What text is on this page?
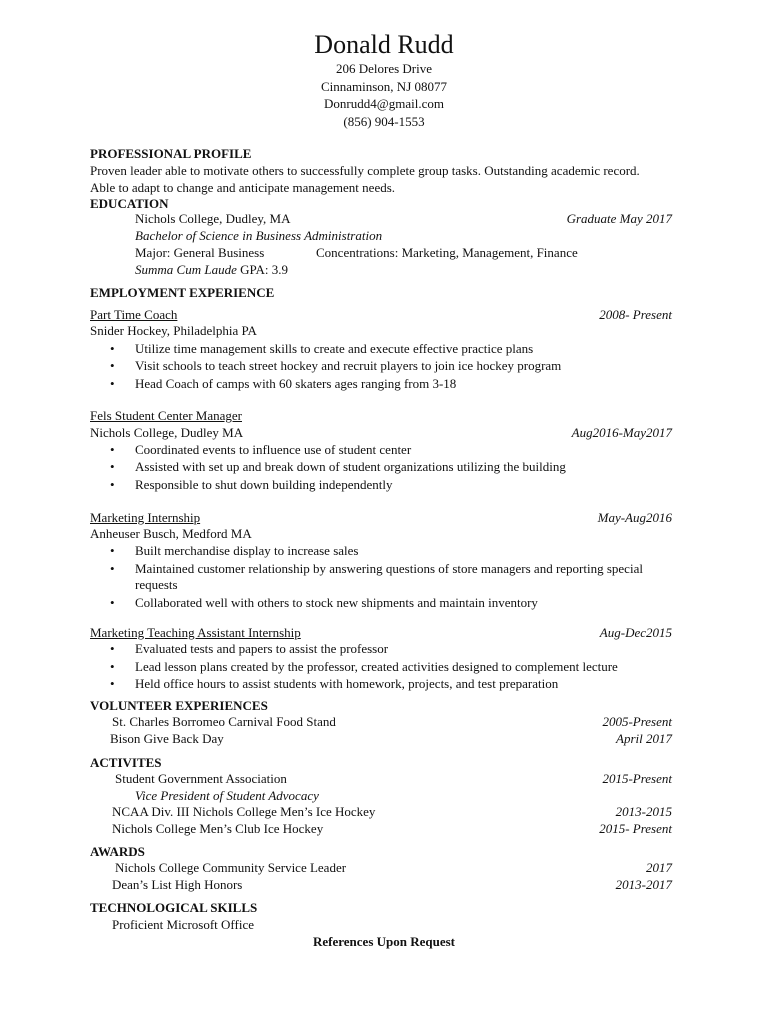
Donald Rudd
206 Delores Drive
Cinnaminson, NJ 08077
Donrudd4@gmail.com
(856) 904-1553
PROFESSIONAL PROFILE
Proven leader able to motivate others to successfully complete group tasks. Outstanding academic record.
Able to adapt to change and anticipate management needs.
EDUCATION
Nichols College, Dudley, MA	Graduate May 2017
Bachelor of Science in Business Administration
Major: General Business	Concentrations: Marketing, Management, Finance
Summa Cum Laude GPA: 3.9
EMPLOYMENT EXPERIENCE
Part Time Coach	2008- Present
Snider Hockey, Philadelphia PA
Utilize time management skills to create and execute effective practice plans
Visit schools to teach street hockey and recruit players to join ice hockey program
Head Coach of camps with 60 skaters ages ranging from 3-18
Fels Student Center Manager
Nichols College, Dudley MA	Aug2016-May2017
Coordinated events to influence use of student center
Assisted with set up and break down of student organizations utilizing the building
Responsible to shut down building independently
Marketing Internship	May-Aug2016
Anheuser Busch, Medford MA
Built merchandise display to increase sales
Maintained customer relationship by answering questions of store managers and reporting special requests
Collaborated well with others to stock new shipments and maintain inventory
Marketing Teaching Assistant Internship	Aug-Dec2015
Evaluated tests and papers to assist the professor
Lead lesson plans created by the professor, created activities designed to complement lecture
Held office hours to assist students with homework, projects, and test preparation
VOLUNTEER EXPERIENCES
St. Charles Borromeo Carnival Food Stand	2005-Present
Bison Give Back Day	April 2017
ACTIVITES
Student Government Association	2015-Present
Vice President of Student Advocacy
NCAA Div. III Nichols College Men’s Ice Hockey	2013-2015
Nichols College Men’s Club Ice Hockey	2015- Present
AWARDS
Nichols College Community Service Leader	2017
Dean’s List High Honors	2013-2017
TECHNOLOGICAL SKILLS
Proficient Microsoft Office
References Upon Request
